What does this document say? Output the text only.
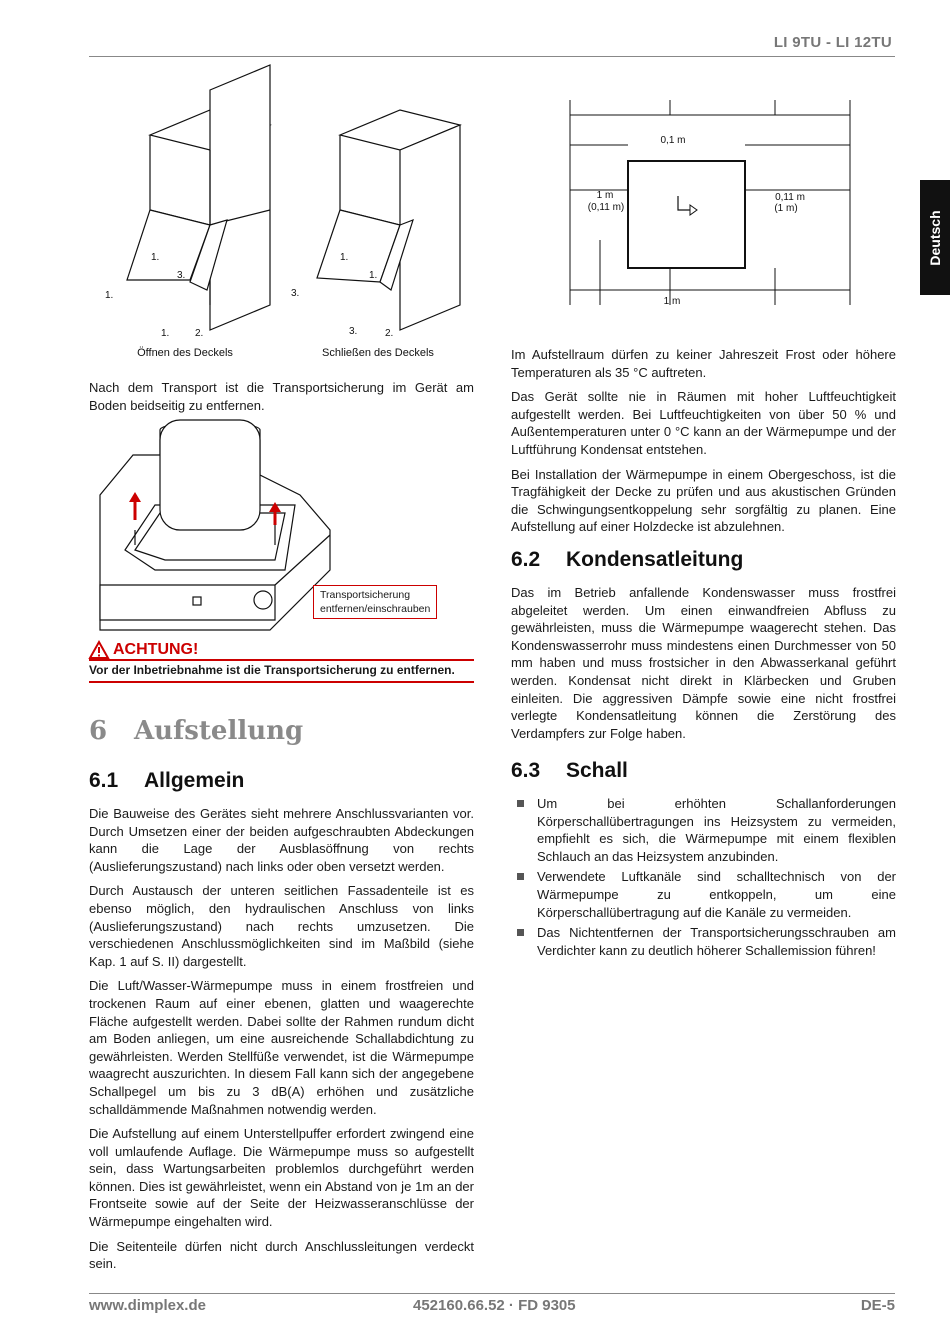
LI 9TU - LI 12TU
Deutsch
1.
1.
3.
1.	2.
1.
1.
3.
3.	2.
Öffnen des Deckels	Schließen des Deckels

Nach dem Transport ist die Transportsicherung im Gerät am Boden beidseitig zu entfernen.

Transportsicherung
entfernen/einschrauben
ACHTUNG!
Vor der Inbetriebnahme ist die Transportsicherung zu entfernen.
6 Aufstellung
6.1 Allgemein

Die Bauweise des Gerätes sieht mehrere Anschlussvarianten vor. Durch Umsetzen einer der beiden aufgeschraubten Abdeckungen kann die Lage der Ausblasöffnung von rechts (Auslieferungszustand) nach links oder oben versetzt werden.

Durch Austausch der unteren seitlichen Fassadenteile ist es ebenso möglich, den hydraulischen Anschluss von links (Auslieferungszustand) nach rechts umzusetzen. Die verschiedenen Anschlussmöglichkeiten sind im Maßbild (siehe Kap. 1 auf S. II) dargestellt.

Die Luft/Wasser-Wärmepumpe muss in einem frostfreien und trockenen Raum auf einer ebenen, glatten und waagerechte Fläche aufgestellt werden. Dabei sollte der Rahmen rundum dicht am Boden anliegen, um eine ausreichende Schallabdichtung zu gewährleisten. Werden Stellfüße verwendet, ist die Wärmepumpe waagrecht auszurichten. In diesem Fall kann sich der angegebene Schallpegel um bis zu 3 dB(A) erhöhen und zusätzliche schalldämmende Maßnahmen notwendig werden.

Die Aufstellung auf einem Unterstellpuffer erfordert zwingend eine voll umlaufende Auflage. Die Wärmepumpe muss so aufgestellt sein, dass Wartungsarbeiten problemlos durchgeführt werden können. Dies ist gewährleistet, wenn ein Abstand von je 1m an der Frontseite sowie auf der Seite der Heizwasseranschlüsse der Wärmepumpe eingehalten wird.

Die Seitenteile dürfen nicht durch Anschlussleitungen verdeckt sein.

0,1 m
1 m
(0,11 m)
0,11 m
(1 m)
1 m

Im Aufstellraum dürfen zu keiner Jahreszeit Frost oder höhere Temperaturen als 35 °C auftreten.

Das Gerät sollte nie in Räumen mit hoher Luftfeuchtigkeit aufgestellt werden. Bei Luftfeuchtigkeiten von über 50 % und Außentemperaturen unter 0 °C kann an der Wärmepumpe und der Luftführung Kondensat entstehen.

Bei Installation der Wärmepumpe in einem Obergeschoss, ist die Tragfähigkeit der Decke zu prüfen und aus akustischen Gründen die Schwingungsentkoppelung sehr sorgfältig zu planen. Eine Aufstellung auf einer Holzdecke ist abzulehnen.

6.2 Kondensatleitung

Das im Betrieb anfallende Kondenswasser muss frostfrei abgeleitet werden. Um einen einwandfreien Abfluss zu gewährleisten, muss die Wärmepumpe waagerecht stehen. Das Kondenswasserrohr muss mindestens einen Durchmesser von 50 mm haben und muss frostsicher in den Abwasserkanal geführt werden. Kondensat nicht direkt in Klärbecken und Gruben einleiten. Die aggressiven Dämpfe sowie eine nicht frostfrei verlegte Kondensatleitung können die Zerstörung des Verdampfers zur Folge haben.

6.3 Schall
Um bei erhöhten Schallanforderungen Körperschallübertragungen ins Heizsystem zu vermeiden, empfiehlt es sich, die Wärmepumpe mit einem flexiblen Schlauch an das Heizsystem anzubinden.
Verwendete Luftkanäle sind schalltechnisch von der Wärmepumpe zu entkoppeln, um eine Körperschallübertragung auf die Kanäle zu vermeiden.
Das Nichtentfernen der Transportsicherungsschrauben am Verdichter kann zu deutlich höherer Schallemission führen!
www.dimplex.de	452160.66.52 · FD 9305	DE-5
